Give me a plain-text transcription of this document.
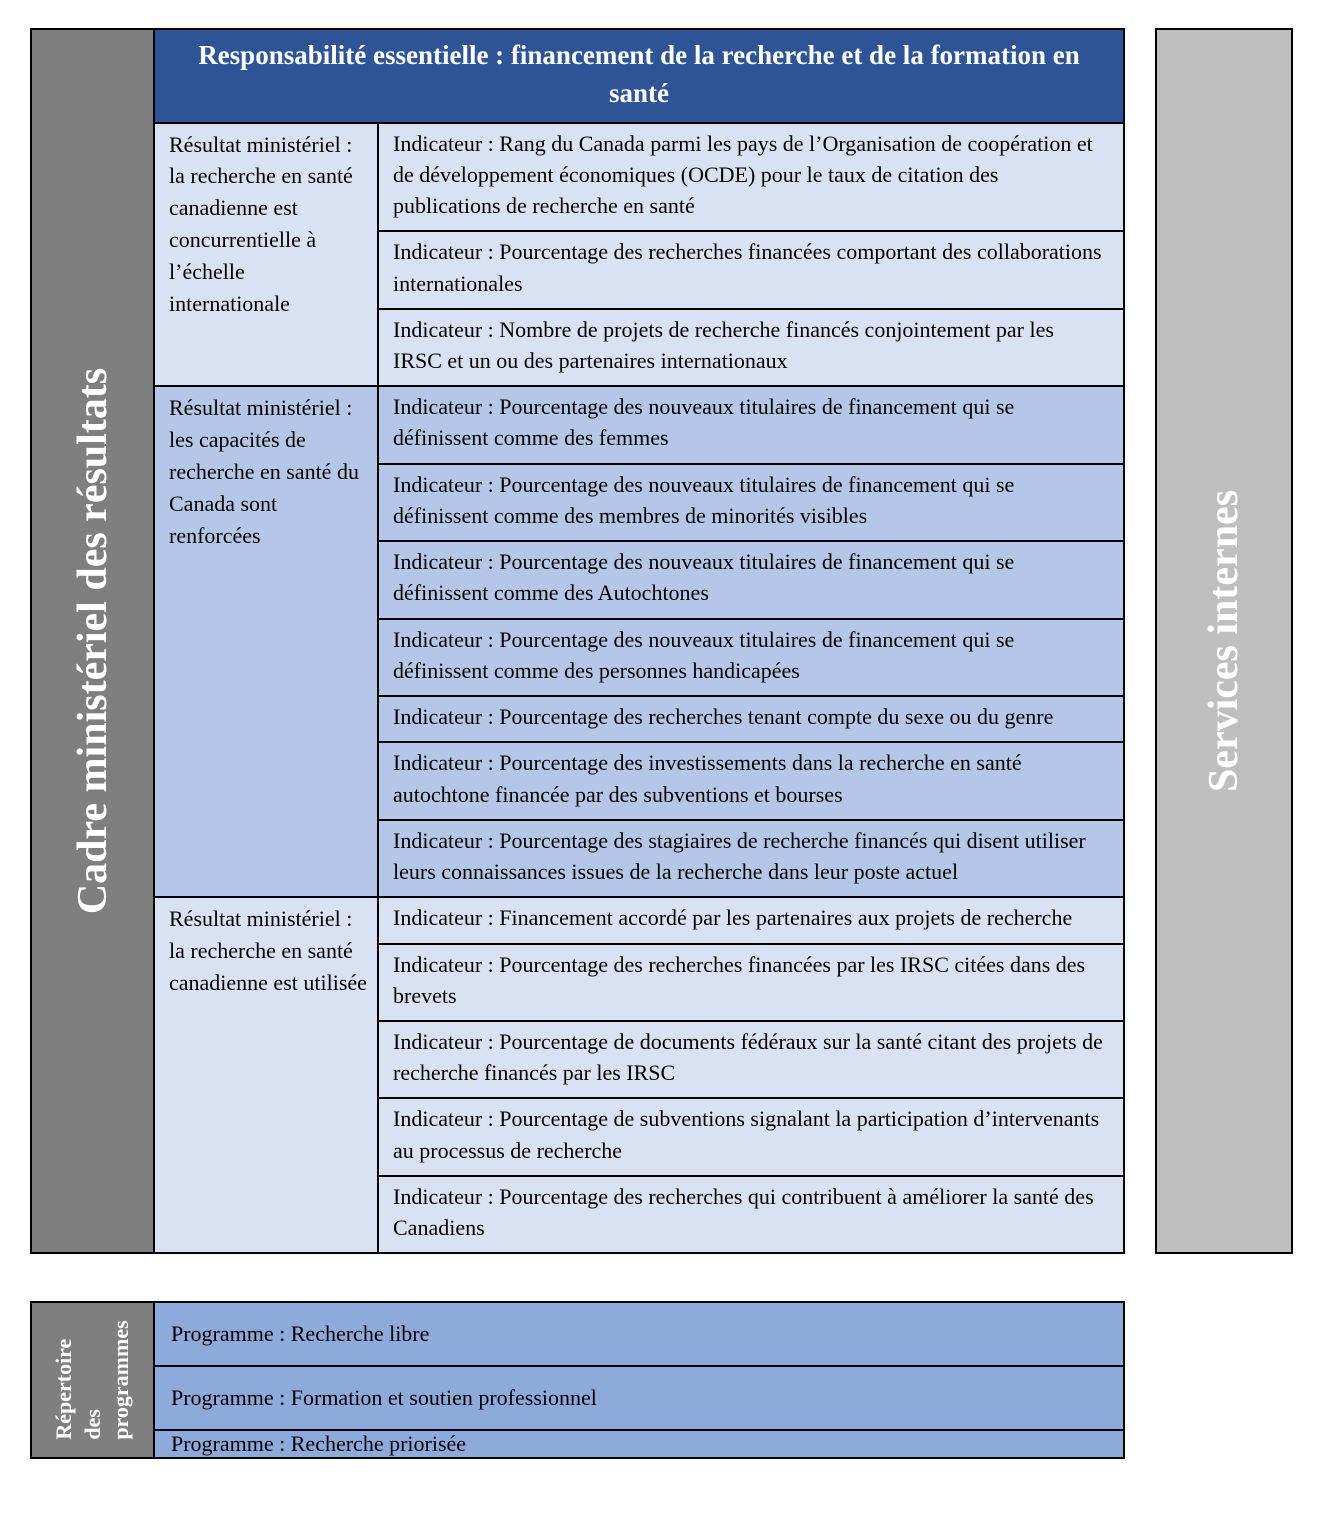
Cadre ministériel des résultats
Responsabilité essentielle : financement de la recherche et de la formation en santé
Résultat ministériel : la recherche en santé canadienne est concurrentielle à l’échelle internationale
Indicateur : Rang du Canada parmi les pays de l’Organisation de coopération et de développement économiques (OCDE) pour le taux de citation des publications de recherche en santé
Indicateur : Pourcentage des recherches financées comportant des collaborations internationales
Indicateur : Nombre de projets de recherche financés conjointement par les IRSC et un ou des partenaires internationaux
Résultat ministériel : les capacités de recherche en santé du Canada sont renforcées
Indicateur : Pourcentage des nouveaux titulaires de financement qui se définissent comme des femmes
Indicateur : Pourcentage des nouveaux titulaires de financement qui se définissent comme des membres de minorités visibles
Indicateur : Pourcentage des nouveaux titulaires de financement qui se définissent comme des Autochtones
Indicateur : Pourcentage des nouveaux titulaires de financement qui se définissent comme des personnes handicapées
Indicateur : Pourcentage des recherches tenant compte du sexe ou du genre
Indicateur : Pourcentage des investissements dans la recherche en santé autochtone financée par des subventions et bourses
Indicateur : Pourcentage des stagiaires de recherche financés qui disent utiliser leurs connaissances issues de la recherche dans leur poste actuel
Résultat ministériel : la recherche en santé canadienne est utilisée
Indicateur : Financement accordé par les partenaires aux projets de recherche
Indicateur : Pourcentage des recherches financées par les IRSC citées dans des brevets
Indicateur : Pourcentage de documents fédéraux sur la santé citant des projets de recherche financés par les IRSC
Indicateur : Pourcentage de subventions signalant la participation d’intervenants au processus de recherche
Indicateur : Pourcentage des recherches qui contribuent à améliorer la santé des Canadiens
Services internes
Répertoire des programmes	Programme : Recherche libre
Programme : Formation et soutien professionnel
Programme : Recherche priorisée
